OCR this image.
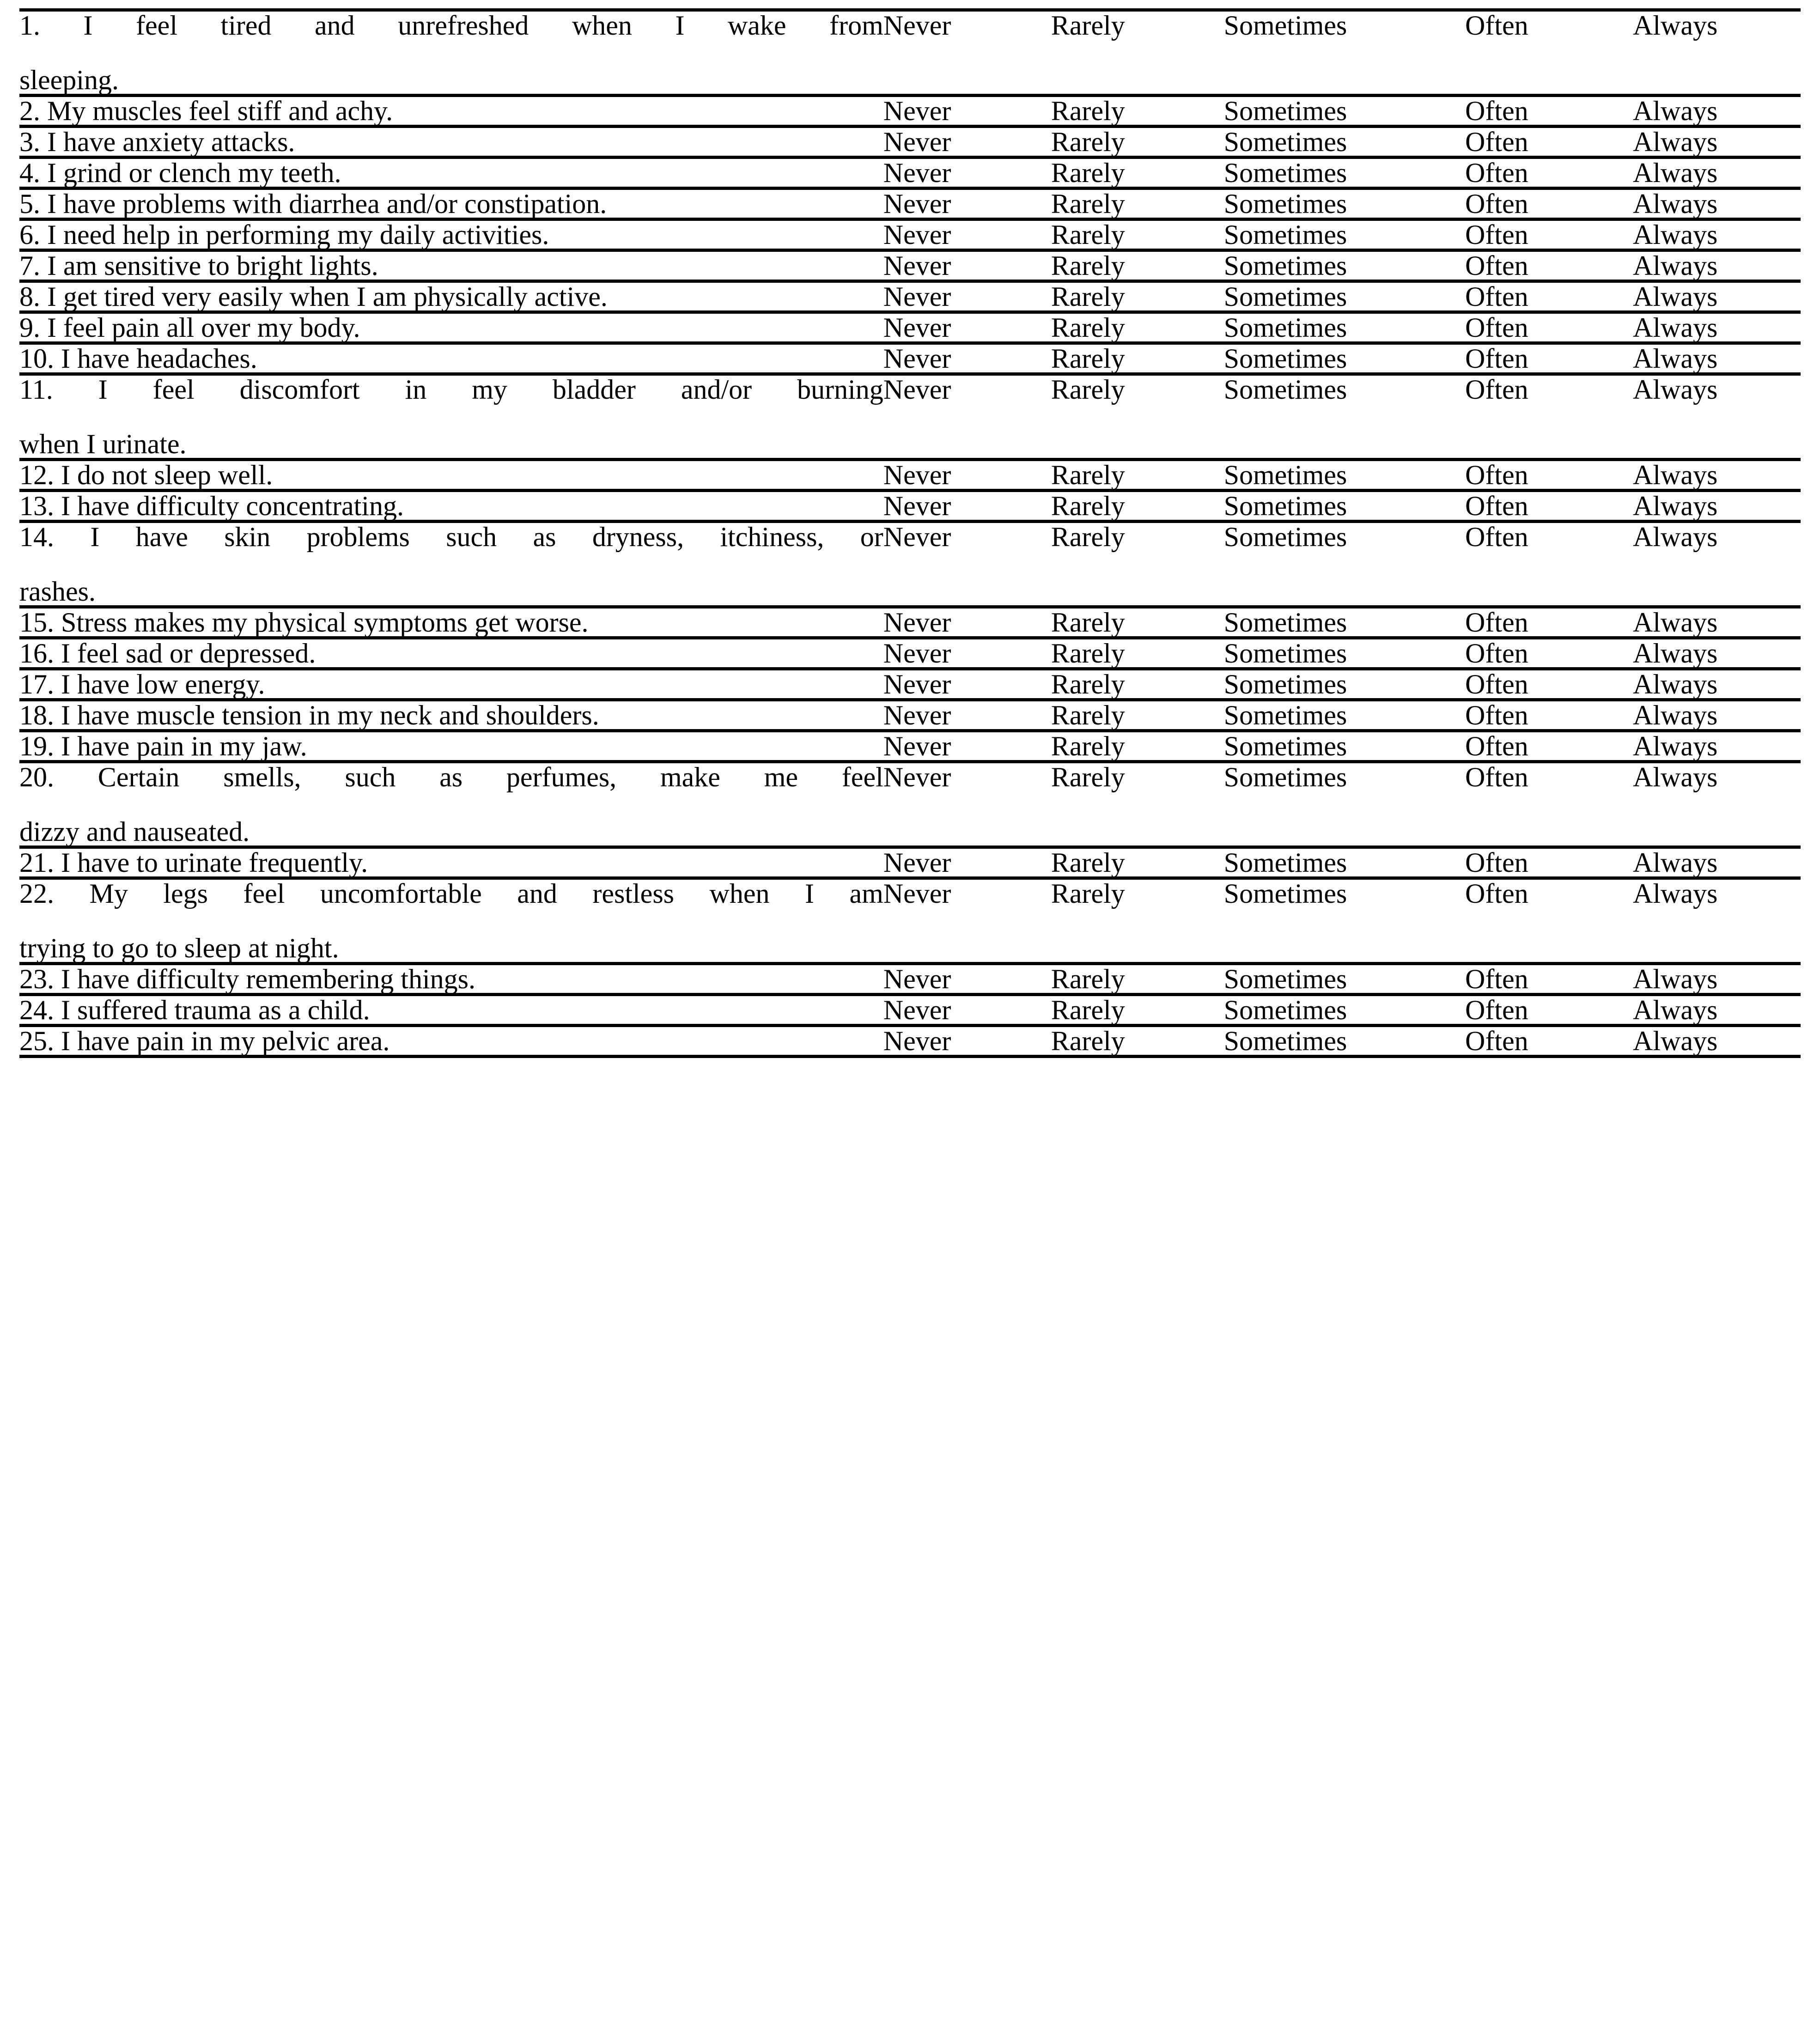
1. I feel tired and unrefreshed when I wake from
sleeping.	Never	Rarely	Sometimes	Often	Always

2. My muscles feel stiff and achy.	Never	Rarely	Sometimes	Often	Always

3. I have anxiety attacks.	Never	Rarely	Sometimes	Often	Always

4. I grind or clench my teeth.	Never	Rarely	Sometimes	Often	Always

5. I have problems with diarrhea and/or constipation.	Never	Rarely	Sometimes	Often	Always

6. I need help in performing my daily activities.	Never	Rarely	Sometimes	Often	Always

7. I am sensitive to bright lights.	Never	Rarely	Sometimes	Often	Always

8. I get tired very easily when I am physically active.	Never	Rarely	Sometimes	Often	Always

9. I feel pain all over my body.	Never	Rarely	Sometimes	Often	Always

10. I have headaches.	Never	Rarely	Sometimes	Often	Always

11. I feel discomfort in my bladder and/or burning
when I urinate.	Never	Rarely	Sometimes	Often	Always

12. I do not sleep well.	Never	Rarely	Sometimes	Often	Always

13. I have difficulty concentrating.	Never	Rarely	Sometimes	Often	Always

14. I have skin problems such as dryness, itchiness, or
rashes.	Never	Rarely	Sometimes	Often	Always

15. Stress makes my physical symptoms get worse.	Never	Rarely	Sometimes	Often	Always

16. I feel sad or depressed.	Never	Rarely	Sometimes	Often	Always

17. I have low energy.	Never	Rarely	Sometimes	Often	Always

18. I have muscle tension in my neck and shoulders.	Never	Rarely	Sometimes	Often	Always

19. I have pain in my jaw.	Never	Rarely	Sometimes	Often	Always

20. Certain smells, such as perfumes, make me feel
dizzy and nauseated.	Never	Rarely	Sometimes	Often	Always

21. I have to urinate frequently.	Never	Rarely	Sometimes	Often	Always

22. My legs feel uncomfortable and restless when I am
trying to go to sleep at night.	Never	Rarely	Sometimes	Often	Always

23. I have difficulty remembering things.	Never	Rarely	Sometimes	Often	Always

24. I suffered trauma as a child.	Never	Rarely	Sometimes	Often	Always

25. I have pain in my pelvic area.	Never	Rarely	Sometimes	Often	Always
